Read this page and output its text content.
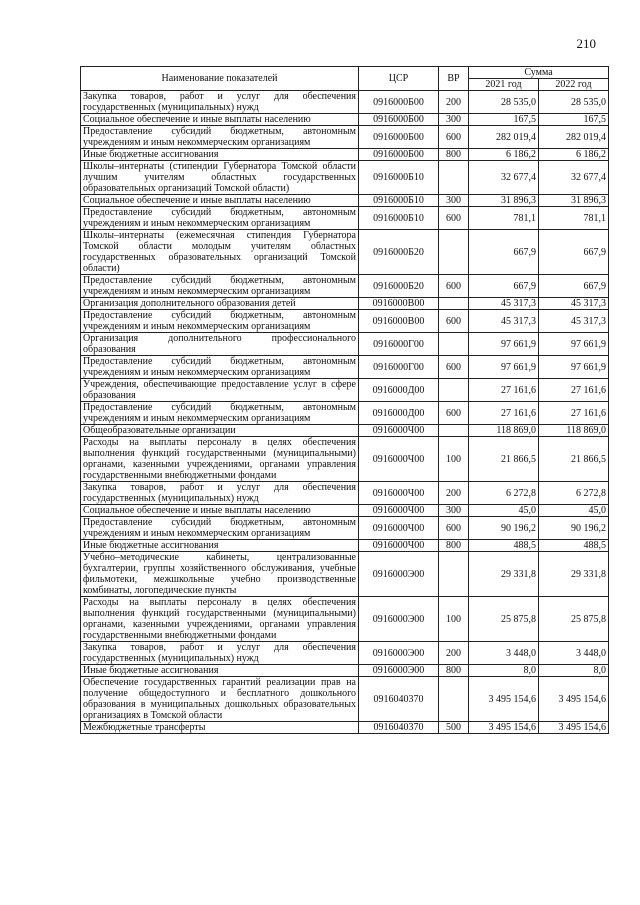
210
Наименование показателей	ЦСР	ВР	Сумма	
			2021 год	2022 год
Закупка товаров, работ и услуг для обеспечения государственных (муниципальных) нужд	0916000Б00	200	28 535,0	28 535,0
Социальное обеспечение и иные выплаты населению	0916000Б00	300	167,5	167,5
Предоставление субсидий бюджетным, автономным учреждениям и иным некоммерческим организациям	0916000Б00	600	282 019,4	282 019,4
Иные бюджетные ассигнования	0916000Б00	800	6 186,2	6 186,2
Школы–интернаты (стипендии Губернатора Томской области лучшим учителям областных государственных образовательных организаций Томской области)	0916000Б10		32 677,4	32 677,4
Социальное обеспечение и иные выплаты населению	0916000Б10	300	31 896,3	31 896,3
Предоставление субсидий бюджетным, автономным учреждениям и иным некоммерческим организациям	0916000Б10	600	781,1	781,1
Школы–интернаты (ежемесячная стипендия Губернатора Томской области молодым учителям областных государственных образовательных организаций Томской области)	0916000Б20		667,9	667,9
Предоставление субсидий бюджетным, автономным учреждениям и иным некоммерческим организациям	0916000Б20	600	667,9	667,9
Организация дополнительного образования детей	0916000В00		45 317,3	45 317,3
Предоставление субсидий бюджетным, автономным учреждениям и иным некоммерческим организациям	0916000В00	600	45 317,3	45 317,3
Организация дополнительного профессионального образования	0916000Г00		97 661,9	97 661,9
Предоставление субсидий бюджетным, автономным учреждениям и иным некоммерческим организациям	0916000Г00	600	97 661,9	97 661,9
Учреждения, обеспечивающие предоставление услуг в сфере образования	0916000Д00		27 161,6	27 161,6
Предоставление субсидий бюджетным, автономным учреждениям и иным некоммерческим организациям	0916000Д00	600	27 161,6	27 161,6
Общеобразовательные организации	0916000Ч00		118 869,0	118 869,0
Расходы на выплаты персоналу в целях обеспечения выполнения функций государственными (муниципальными) органами, казенными учреждениями, органами управления государственными внебюджетными фондами	0916000Ч00	100	21 866,5	21 866,5
Закупка товаров, работ и услуг для обеспечения государственных (муниципальных) нужд	0916000Ч00	200	6 272,8	6 272,8
Социальное обеспечение и иные выплаты населению	0916000Ч00	300	45,0	45,0
Предоставление субсидий бюджетным, автономным учреждениям и иным некоммерческим организациям	0916000Ч00	600	90 196,2	90 196,2
Иные бюджетные ассигнования	0916000Ч00	800	488,5	488,5
Учебно–методические кабинеты, централизованные бухгалтерии, группы хозяйственного обслуживания, учебные фильмотеки, межшкольные учебно производственные комбинаты, логопедические пункты	0916000Э00		29 331,8	29 331,8
Расходы на выплаты персоналу в целях обеспечения выполнения функций государственными (муниципальными) органами, казенными учреждениями, органами управления государственными внебюджетными фондами	0916000Э00	100	25 875,8	25 875,8
Закупка товаров, работ и услуг для обеспечения государственных (муниципальных) нужд	0916000Э00	200	3 448,0	3 448,0
Иные бюджетные ассигнования	0916000Э00	800	8,0	8,0
Обеспечение государственных гарантий реализации прав на получение общедоступного и бесплатного дошкольного образования в муниципальных дошкольных образовательных организациях в Томской области	0916040370		3 495 154,6	3 495 154,6
Межбюджетные трансферты	0916040370	500	3 495 154,6	3 495 154,6
